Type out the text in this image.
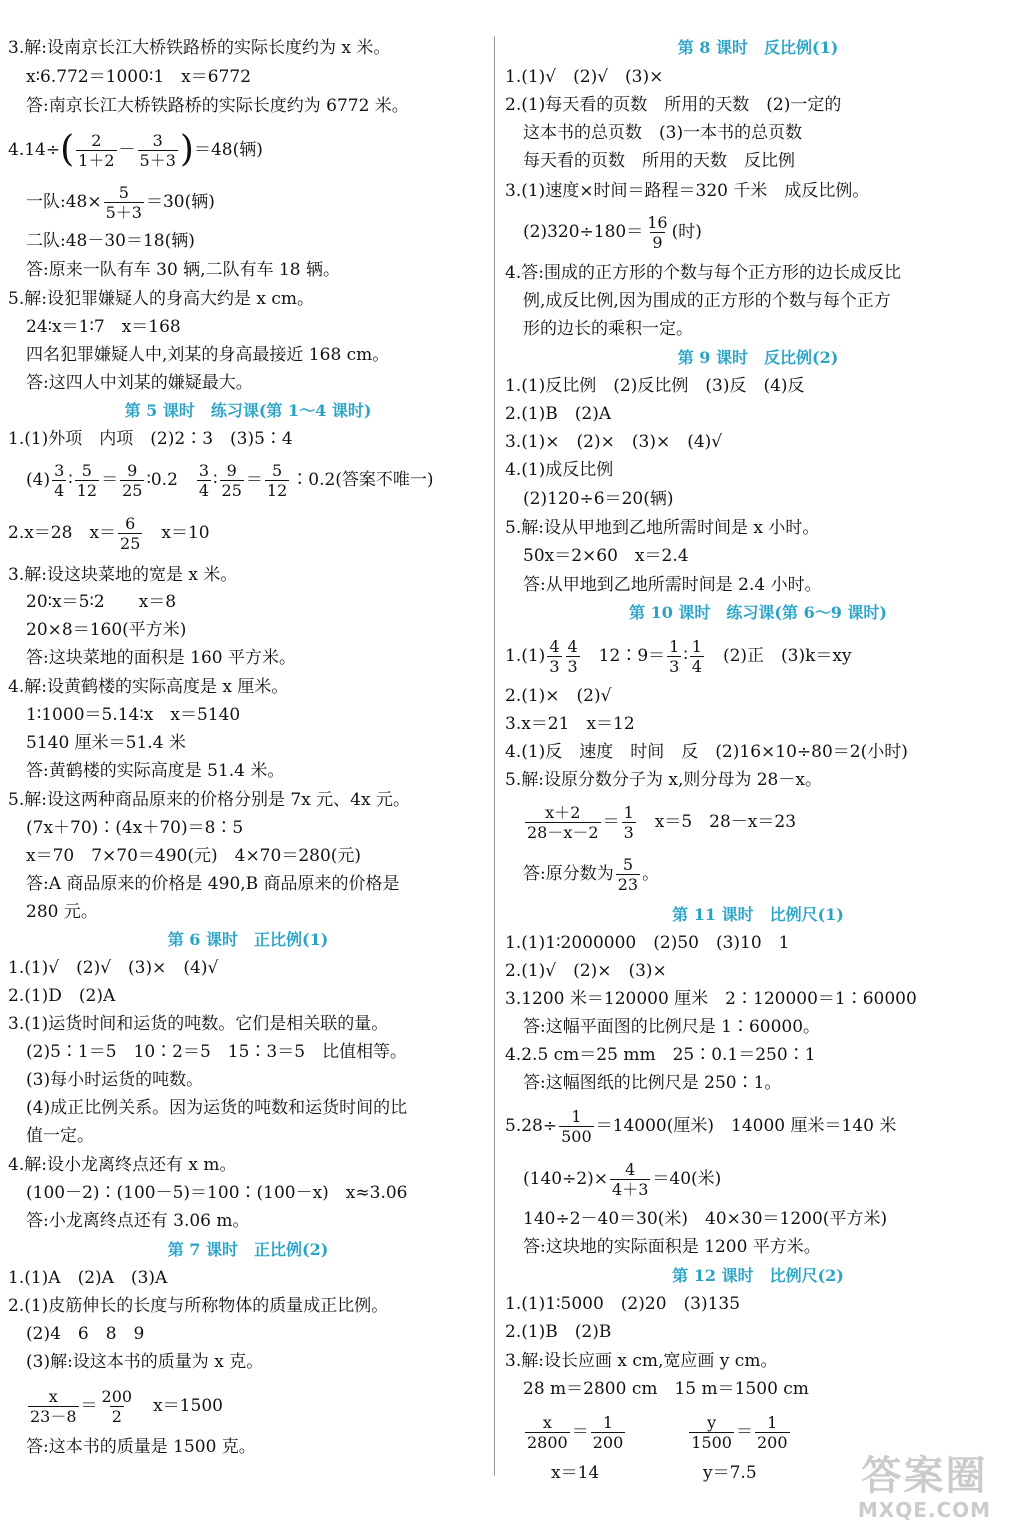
3.解:设南京长江大桥铁路桥的实际长度约为 x 米。
x∶6.772＝1000∶1　x＝6772
答:南京长江大桥铁路桥的实际长度约为 6772 米。
4.14÷ ( $\frac{2}{1+2} - \frac{3}{5+3}$ ) ＝48(辆)
一队:48× $\frac{5}{5+3} =30$(辆)
二队:48－30＝18(辆)
答:原来一队有车 30 辆,二队有车 18 辆。
5.解:设犯罪嫌疑人的身高大约是 x cm。
24∶x＝1∶7　x＝168
四名犯罪嫌疑人中,刘某的身高最接近 168 cm。
答:这四人中刘某的嫌疑最大。
第 5 课时　练习课(第 1～4 课时)
1.(1)外项　内项　(2)2∶3　(3)5∶4
$(4) \frac{3}{4}$ ∶ $\frac{5}{12} = \frac{9}{25}$ ∶0.2　 $\frac{3}{4}$ ∶ $\frac{9}{25} = \frac{5}{12}$ ∶0.2(答案不唯一)
2.x＝28　$x= \frac{6}{25}$ 　x＝10
3.解:设这块菜地的宽是 x 米。
20∶x＝5∶2　　x＝8
20×8＝160(平方米)
答:这块菜地的面积是 160 平方米。
4.解:设黄鹤楼的实际高度是 x 厘米。
1∶1000＝5.14∶x　x＝5140
5140 厘米＝51.4 米
答:黄鹤楼的实际高度是 51.4 米。
5.解:设这两种商品原来的价格分别是 7x 元、4x 元。
(7x＋70)∶(4x＋70)＝8∶5
x＝70　7×70＝490(元)　4×70＝280(元)
答:A 商品原来的价格是 490,B 商品原来的价格是
280 元。
第 6 课时　正比例(1)
1.(1)√　(2)√　(3)×　(4)√
2.(1)D　(2)A
3.(1)运货时间和运货的吨数。它们是相关联的量。
(2)5∶1＝5　10∶2＝5　15∶3＝5　比值相等。
(3)每小时运货的吨数。
(4)成正比例关系。因为运货的吨数和运货时间的比
值一定。
4.解:设小龙离终点还有 x m。
(100－2)∶(100－5)＝100∶(100－x)　x≈3.06
答:小龙离终点还有 3.06 m。
第 7 课时　正比例(2)
1.(1)A　(2)A　(3)A
2.(1)皮筋伸长的长度与所称物体的质量成正比例。
(2)4　6　8　9
(3)解:设这本书的质量为 x 克。
$\frac{x}{23-8} = \frac{200}{2}$ 　x＝1500
答:这本书的质量是 1500 克。
第 8 课时　反比例(1)
1.(1)√　(2)√　(3)×
2.(1)每天看的页数　所用的天数　(2)一定的
这本书的总页数　(3)一本书的总页数
每天看的页数　所用的天数　反比例
3.(1)速度×时间＝路程＝320 千米　成反比例。
$(2)320\div 180= \frac{16}{9}$ (时)
4.答:围成的正方形的个数与每个正方形的边长成反比
例,成反比例,因为围成的正方形的个数与每个正方
形的边长的乘积一定。
第 9 课时　反比例(2)
1.(1)反比例　(2)反比例　(3)反　(4)反
2.(1)B　(2)A
3.(1)×　(2)×　(3)×　(4)√
4.(1)成反比例
(2)120÷6＝20(辆)
5.解:设从甲地到乙地所需时间是 x 小时。
50x＝2×60　x＝2.4
答:从甲地到乙地所需时间是 2.4 小时。
第 10 课时　练习课(第 6～9 课时)
$1.(1) \frac{4}{3} \frac{4}{3}$ 　12∶9＝ $\frac{1}{3}$ ∶ $\frac{1}{4}$ 　(2)正　(3)k＝xy
2.(1)×　(2)√
3.x＝21　x＝12
4.(1)反　速度　时间　反　(2)16×10÷80＝2(小时)
5.解:设原分数分子为 x,则分母为 28－x。
$\frac{x+2}{28-x-2} = \frac{1}{3}$ 　x＝5　28－x＝23
答:原分数为 $\frac{5}{23}$ 。
第 11 课时　比例尺(1)
1.(1)1∶2000000　(2)50　(3)10　1
2.(1)√　(2)×　(3)×
3.1200 米＝120000 厘米　2∶120000＝1∶60000
答:这幅平面图的比例尺是 1∶60000。
4.2.5 cm＝25 mm　25∶0.1＝250∶1
答:这幅图纸的比例尺是 250∶1。
$5.28\div \frac{1}{500} =14000$(厘米)　14000 厘米＝140 米
$(140\div 2)\times \frac{4}{4+3} =40$(米)
140÷2－40＝30(米)　40×30＝1200(平方米)
答:这块地的实际面积是 1200 平方米。
第 12 课时　比例尺(2)
1.(1)1∶5000　(2)20　(3)135
2.(1)B　(2)B
3.解:设长应画 x cm,宽应画 y cm。
28 m＝2800 cm　15 m＝1500 cm
$\frac{x}{2800} = \frac{1}{200}$	$\frac{y}{1500} = \frac{1}{200}$
x＝14	y＝7.5	答案圈
MXQE.COM
